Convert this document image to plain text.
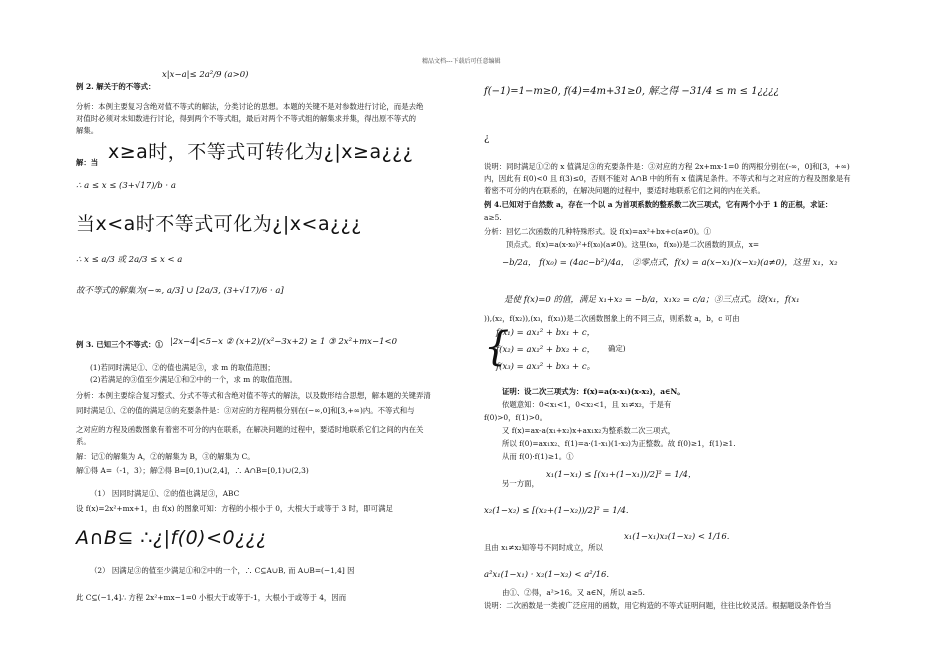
精品文档---下载后可任意编辑
例 2. 解关于的不等式：
x|x−a|≤ 2a²/9 (a>0)
分析：本例主要复习含绝对值不等式的解法，分类讨论的思想。本题的关键不是对参数进行讨论，而是去绝
对值时必须对未知数进行讨论，得到两个不等式组，最后对两个不等式组的解集求并集，得出原不等式的
解集。
解：当 x≥a时，不等式可转化为¿|x≥a¿¿¿
∴ a ≤ x ≤ (3+√17)/b · a
当x<a时不等式可化为¿|x<a¿¿¿
∴ x ≤ a/3 或 2a/3 ≤ x < a
故不等式的解集为(−∞, a/3] ∪ [2a/3, (3+√17)/6 · a]
例 3. 已知三个不等式：① |2x−4|<5−x ② (x+2)/(x²−3x+2) ≥ 1 ③ 2x²+mx−1<0
(1)若同时满足①、②的值也满足③，求 m 的取值范围；
(2)若满足的③值至少满足①和②中的一个，求 m 的取值范围。
分析：本例主要综合复习整式、分式不等式和含绝对值不等式的解法，以及数形结合思想，解本题的关键弄清
同时满足①、②的值的满足③的充要条件是：③对应的方程两根分别在(−∞,0]和[3,+∞)内。不等式和与
之对应的方程及函数图象有着密不可分的内在联系，在解决问题的过程中，要适时地联系它们之间的内在关
系。
解：记①的解集为 A，②的解集为 B，③的解集为 C。
解①得 A=（-1，3）；解②得 B=[0,1)∪(2,4]，∴ A∩B=[0,1)∪(2,3)
（1） 因同时满足①、②的值也满足③，ABC
设 f(x)=2x²+mx+1，由 f(x) 的图象可知：方程的小根小于 0，大根大于或等于 3 时，即可满足
A∩B⊆ ∴¿|f(0)<0¿¿¿
（2） 因满足③的值至少满足①和②中的一个，∴ C⊆A∪B, 而 A∪B=(−1,4] 因
此 C⊆(−1,4]∴ 方程 2x²+mx−1=0 小根大于或等于-1，大根小于或等于 4，因而
f(−1)=1−m≥0, f(4)=4m+31≥0, 解之得 −31/4 ≤ m ≤ 1¿¿¿¿
¿
说明：同时满足①②的 x 值满足③的充要条件是：③对应的方程 2x+mx-1=0 的两根分别在(-∞，0]和[3，+∞)
内，因此有 f(0)<0 且 f(3)≤0，否则不能对 A∩B 中的所有 x 值满足条件。不等式和与之对应的方程及图象是有
着密不可分的内在联系的，在解决问题的过程中，要适时地联系它们之间的内在关系。
例 4.已知对于自然数 a，存在一个以 a 为首项系数的整系数二次三项式，它有两个小于 1 的正根，求证：
a≥5.
分析：回忆二次函数的几种特殊形式。设 f(x)=ax²+bx+c(a≠0)。①
顶点式。f(x)=a(x-x₀)²+f(x₀)(a≠0)。这里(x₀，f(x₀))是二次函数的顶点，x=
−b/2a， f(x₀) = (4ac−b²)/4a， ②零点式，f(x) = a(x−x₁)(x−x₂)(a≠0)，这里 x₁，x₂
是使 f(x)=0 的值，满足 x₁+x₂ = −b/a，x₁x₂ = c/a；③三点式。设(x₁，f(x₁
)),(x₂，f(x₂)),(x₃，f(x₃))是二次函数图象上的不同三点，则系数 a，b，c 可由
{
f(x₁) = ax₁² + bx₁ + c，
f(x₂) = ax₂² + bx₂ + c，
f(x₃) = ax₃² + bx₃ + c。
确定)
证明：设二次三项式为：f(x)=a(x-x₁)(x-x₂)，a∈N。
依题意知：0<x₁<1，0<x₂<1，且 x₁≠x₂，于是有
f(0)>0，f(1)>0。
又 f(x)=ax-a(x₁+x₂)x+ax₁x₂为整系数二次三项式，
所以 f(0)=ax₁x₂、f(1)=a·(1-x₁)(1-x₂)为正整数。故 f(0)≥1，f(1)≥1.
从而 f(0)·f(1)≥1。①
另一方面，
x₁(1−x₁) ≤ [(x₁+(1−x₁))/2]² = 1/4，
x₂(1−x₂) ≤ [(x₂+(1−x₂))/2]² = 1/4.
且由 x₁≠x₂知等号不同时成立，所以
x₁(1−x₁)x₂(1−x₂) < 1/16.
a²x₁(1−x₁) · x₂(1−x₂) < a²/16.
由①、②得，a²>16。又 a∈N，所以 a≥5.
说明：二次函数是一类被广泛应用的函数，用它构造的不等式证明问题，往往比较灵活。根据题设条件恰当
